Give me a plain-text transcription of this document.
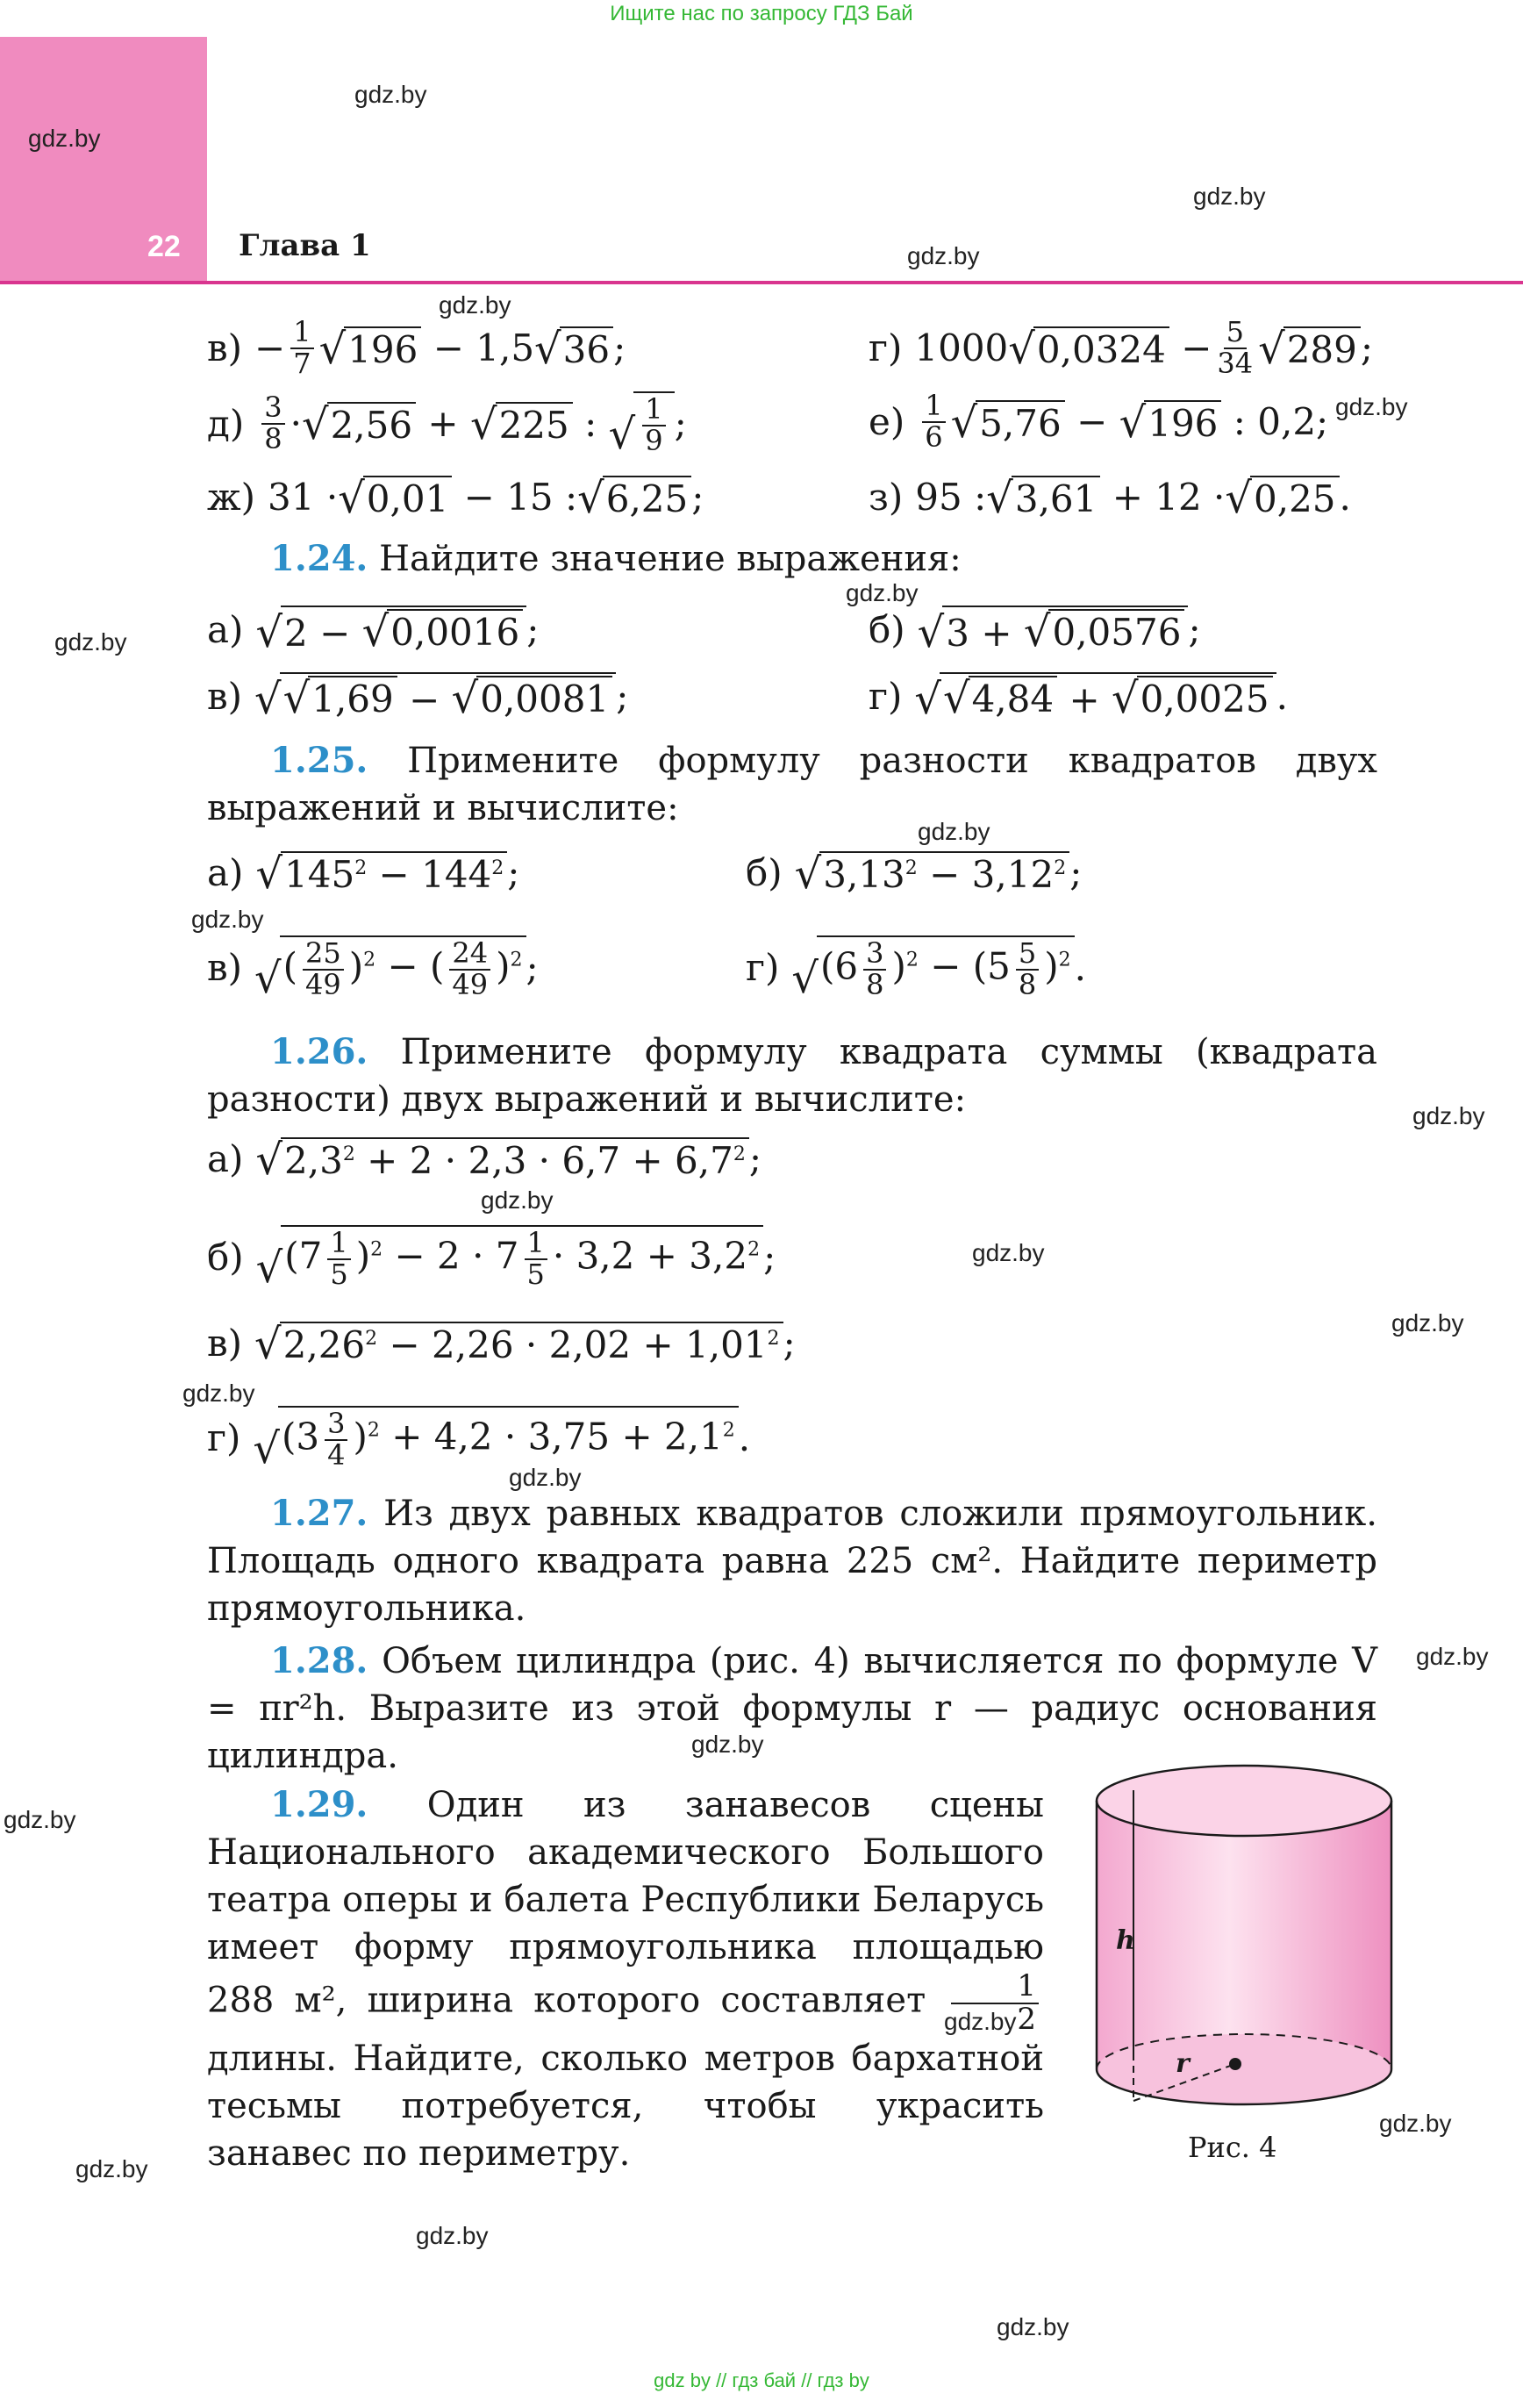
Ищите нас по запросу ГДЗ Бай
22 Глава 1
gdz.by
gdz.by
gdz.by
gdz.by
gdz.by
gdz.by
gdz.by
gdz.by
gdz.by
gdz.by
gdz.by
gdz.by
gdz.by
gdz.by
gdz.by
gdz.by
gdz.by
gdz.by
gdz.by
gdz.by
gdz.by
gdz.by
gdz.by
gdz.by
$в) - \frac{1}{7}$ √ 196 − 1,5 √ 36 ;	г) 1000 √ $0,0324 - \frac{5}{34}$ √ 289 ;
$д) \frac{3}{8}$ · √ 2,56 + √ 225 : √ $\frac{1}{9}$ ;	$е) \frac{1}{6}$ √ 5,76 − √ 196 : 0,2;
ж) 31 · √ 0,01 − 15 : √ 6,25 ;	з) 95 : √ 3,61 + 12 · √ 0,25 .
1.24. Найдите значение выражения:
а) √ 2 − √ 0,0016 ;	б) √ 3 + √ 0,0576 ;
в) √ √ 1,69 − √ 0,0081 ;	г) √ √ 4,84 + √ 0,0025 .
1.25. Примените формулу разности квадратов двух выражений и вычислите:
а) √ $145^2 - 144^2$ ;	б) √ $3,13^2 - 3,12^2$ ;
в) √ ( $\frac{25}{49} )^2$ − ( $\frac{24}{49} )^2$ ;	г) √ $(6 \frac{3}{8} )^2 - (5 \frac{5}{8} )^2$ .
1.26. Примените формулу квадрата суммы (квадрата разности) двух выражений и вычислите:
а) √ $2,3^2 + 2 \cdot 2,3 \cdot 6,7 + 6,7^2$ ;
б) √ $(7 \frac{1}{5} )^2 - 2 \cdot 7 \frac{1}{5} \cdot 3,2 + 3,2^2$ ;
в) √ $2,26^2 - 2,26 \cdot 2,02 + 1,01^2$ ;
г) √ $(3 \frac{3}{4} )^2 + 4,2 \cdot 3,75 + 2,1^2$ .
1.27. Из двух равных квадратов сложили прямоугольник. Площадь одного квадрата равна 225 см². Найдите периметр прямоугольника.
1.28. Объем цилиндра (рис. 4) вычисляется по формуле V = πr²h. Выразите из этой формулы r — радиус основания цилиндра.
1.29. Один из занавесов сцены Национального академического Большого театра оперы и балета Республики Беларусь имеет форму прямоугольника площадью 288 м², ширина которого составляет $\frac{1}{2}$
длины. Найдите, сколько метров бархатной тесьмы потребуется, чтобы украсить занавес по периметру.
h
r
Рис. 4
gdz by // гдз бай // гдз by
